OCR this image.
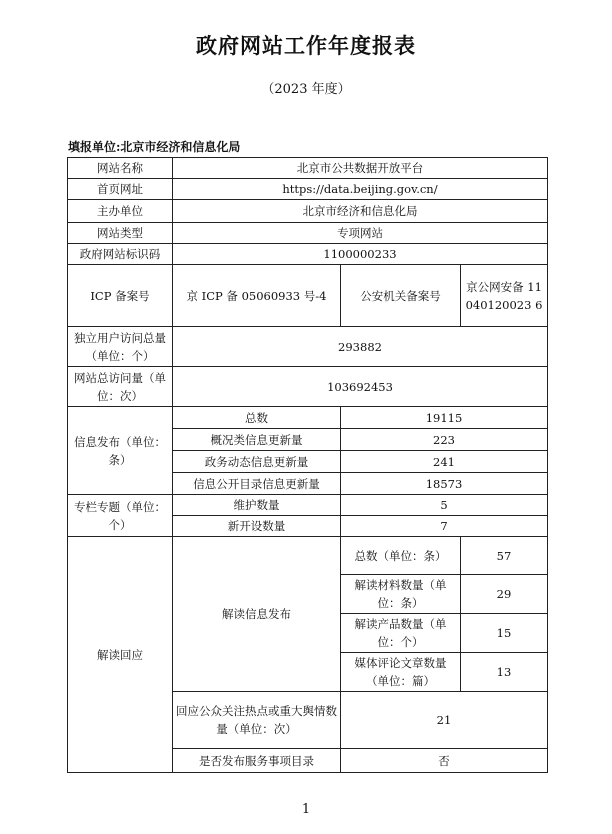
政府网站工作年度报表
（2023 年度）
填报单位:北京市经济和信息化局
网站名称	北京市公共数据开放平台		
首页网址	https://data.beijing.gov.cn/		
主办单位	北京市经济和信息化局		
网站类型	专项网站		
政府网站标识码	1100000233		
ICP 备案号	京 ICP 备 05060933 号-4	公安机关备案号	京公网安备 11040120023 6
独立用户访问总量（单位：个）	293882		
网站总访问量（单位：次）	103692453		
信息发布（单位：条）	总数	19115	
	概况类信息更新量	223	
	政务动态信息更新量	241	
	信息公开目录信息更新量	18573	
专栏专题（单位：个）	维护数量	5	
	新开设数量	7	
解读回应	解读信息发布	总数（单位：条）	57
		解读材料数量（单位：条）	29
		解读产品数量（单位：个）	15
		媒体评论文章数量（单位：篇）	13
	回应公众关注热点或重大舆情数量（单位：次）	21	
	是否发布服务事项目录	否	
1
